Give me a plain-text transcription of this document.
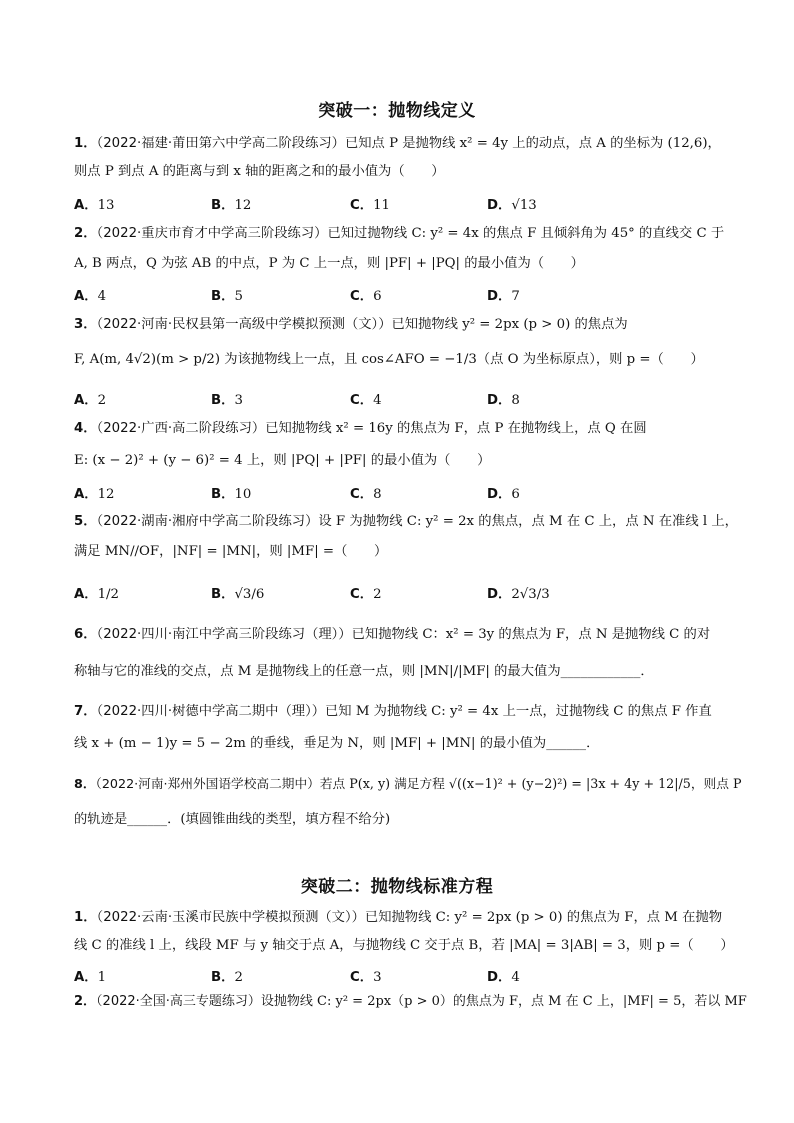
突破一：抛物线定义
1．（2022·福建·莆田第六中学高二阶段练习）已知点 P 是抛物线 x² = 4y 上的动点，点 A 的坐标为 (12,6)，
则点 P 到点 A 的距离与到 x 轴的距离之和的最小值为（　　）
A．13	B．12	C．11	D．√13
2．（2022·重庆市育才中学高三阶段练习）已知过抛物线 C: y² = 4x 的焦点 F 且倾斜角为 45° 的直线交 C 于
A, B 两点，Q 为弦 AB 的中点，P 为 C 上一点，则 |PF| + |PQ| 的最小值为（　　）
A．4	B．5	C．6	D．7
3．（2022·河南·民权县第一高级中学模拟预测（文））已知抛物线 y² = 2px (p > 0) 的焦点为
F, A(m, 4√2)(m > p/2) 为该抛物线上一点，且 cos∠AFO = −1/3（点 O 为坐标原点），则 p =（　　）
A．2	B．3	C．4	D．8
4．（2022·广西·高二阶段练习）已知抛物线 x² = 16y 的焦点为 F，点 P 在抛物线上，点 Q 在圆
E: (x − 2)² + (y − 6)² = 4 上，则 |PQ| + |PF| 的最小值为（　　）
A．12	B．10	C．8	D．6
5．（2022·湖南·湘府中学高二阶段练习）设 F 为抛物线 C: y² = 2x 的焦点，点 M 在 C 上，点 N 在准线 l 上，
满足 MN//OF，|NF| = |MN|，则 |MF| =（　　）
A．1/2	B．√3/6	C．2	D．2√3/3
6．（2022·四川·南江中学高三阶段练习（理））已知抛物线 C：x² = 3y 的焦点为 F，点 N 是抛物线 C 的对
称轴与它的准线的交点，点 M 是抛物线上的任意一点，则 |MN|/|MF| 的最大值为____________．
7．（2022·四川·树德中学高二期中（理））已知 M 为抛物线 C: y² = 4x 上一点，过抛物线 C 的焦点 F 作直
线 x + (m − 1)y = 5 − 2m 的垂线，垂足为 N，则 |MF| + |MN| 的最小值为______．
8．（2022·河南·郑州外国语学校高二期中）若点 P(x, y) 满足方程 √((x−1)² + (y−2)²) = |3x + 4y + 12|/5，则点 P
的轨迹是______．(填圆锥曲线的类型，填方程不给分)
突破二：抛物线标准方程
1．（2022·云南·玉溪市民族中学模拟预测（文））已知抛物线 C: y² = 2px (p > 0) 的焦点为 F，点 M 在抛物
线 C 的准线 l 上，线段 MF 与 y 轴交于点 A，与抛物线 C 交于点 B，若 |MA| = 3|AB| = 3，则 p =（　　）
A．1	B．2	C．3	D．4
2．（2022·全国·高三专题练习）设抛物线 C: y² = 2px（p > 0）的焦点为 F，点 M 在 C 上，|MF| = 5，若以 MF
